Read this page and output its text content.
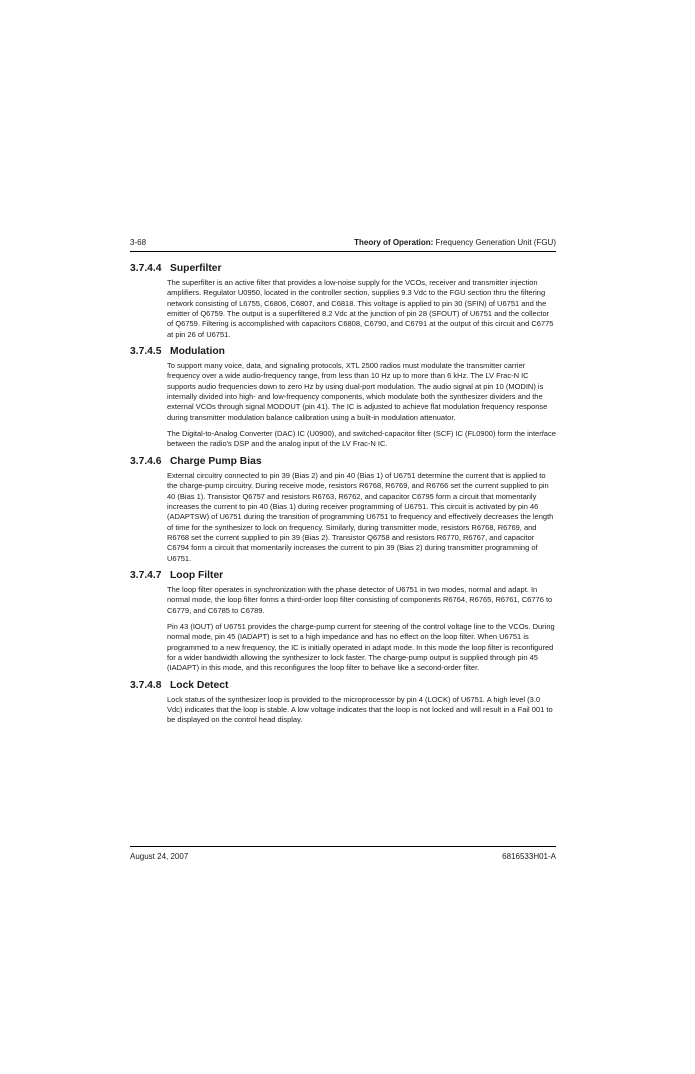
3-68	Theory of Operation: Frequency Generation Unit (FGU)
3.7.4.4 Superfilter

The superfilter is an active filter that provides a low-noise supply for the VCOs, receiver and transmitter injection amplifiers. Regulator U0950, located in the controller section, supplies 9.3 Vdc to the FGU section thru the filtering network consisting of L6755, C6806, C6807, and C6818. This voltage is applied to pin 30 (SFIN) of U6751 and the emitter of Q6759. The output is a superfiltered 8.2 Vdc at the junction of pin 28 (SFOUT) of U6751 and the collector of Q6759. Filtering is accomplished with capacitors C6808, C6790, and C6791 at the output of this circuit and C6775 at pin 26 of U6751.

3.7.4.5 Modulation

To support many voice, data, and signaling protocols, XTL 2500 radios must modulate the transmitter carrier frequency over a wide audio-frequency range, from less than 10 Hz up to more than 6 kHz. The LV Frac-N IC supports audio frequencies down to zero Hz by using dual-port modulation. The audio signal at pin 10 (MODIN) is internally divided into high- and low-frequency components, which modulate both the synthesizer dividers and the external VCOs through signal MODOUT (pin 41). The IC is adjusted to achieve flat modulation frequency response during transmitter modulation balance calibration using a built-in modulation attenuator.

The Digital-to-Analog Converter (DAC) IC (U0900), and switched-capacitor filter (SCF) IC (FL0900) form the interface between the radio's DSP and the analog input of the LV Frac-N IC.

3.7.4.6 Charge Pump Bias

External circuitry connected to pin 39 (Bias 2) and pin 40 (Bias 1) of U6751 determine the current that is applied to the charge-pump circuitry. During receive mode, resistors R6768, R6769, and R6766 set the current supplied to pin 40 (Bias 1). Transistor Q6757 and resistors R6763, R6762, and capacitor C6795 form a circuit that momentarily increases the current to pin 40 (Bias 1) during receiver programming of U6751. This circuit is activated by pin 46 (ADAPTSW) of U6751 during the transition of programming U6751 to frequency and effectively decreases the length of time for the synthesizer to lock on frequency. Similarly, during transmitter mode, resistors R6768, R6769, and R6768 set the current supplied to pin 39 (Bias 2). Transistor Q6758 and resistors R6770, R6767, and capacitor C6794 form a circuit that momentarily increases the current to pin 39 (Bias 2) during transmitter programming of U6751.

3.7.4.7 Loop Filter

The loop filter operates in synchronization with the phase detector of U6751 in two modes, normal and adapt. In normal mode, the loop filter forms a third-order loop filter consisting of components R6764, R6765, R6761, C6776 to C6779, and C6785 to C6789.

Pin 43 (IOUT) of U6751 provides the charge-pump current for steering of the control voltage line to the VCOs. During normal mode, pin 45 (IADAPT) is set to a high impedance and has no effect on the loop filter. When U6751 is programmed to a new frequency, the IC is initially operated in adapt mode. In this mode the loop filter is reconfigured for a wider bandwidth allowing the synthesizer to lock faster. The charge-pump output is supplied through pin 45 (IADAPT) in this mode, and this reconfigures the loop filter to behave like a second-order filter.

3.7.4.8 Lock Detect

Lock status of the synthesizer loop is provided to the microprocessor by pin 4 (LOCK) of U6751. A high level (3.0 Vdc) indicates that the loop is stable. A low voltage indicates that the loop is not locked and will result in a Fail 001 to be displayed on the control head display.

August 24, 2007	6816533H01-A
